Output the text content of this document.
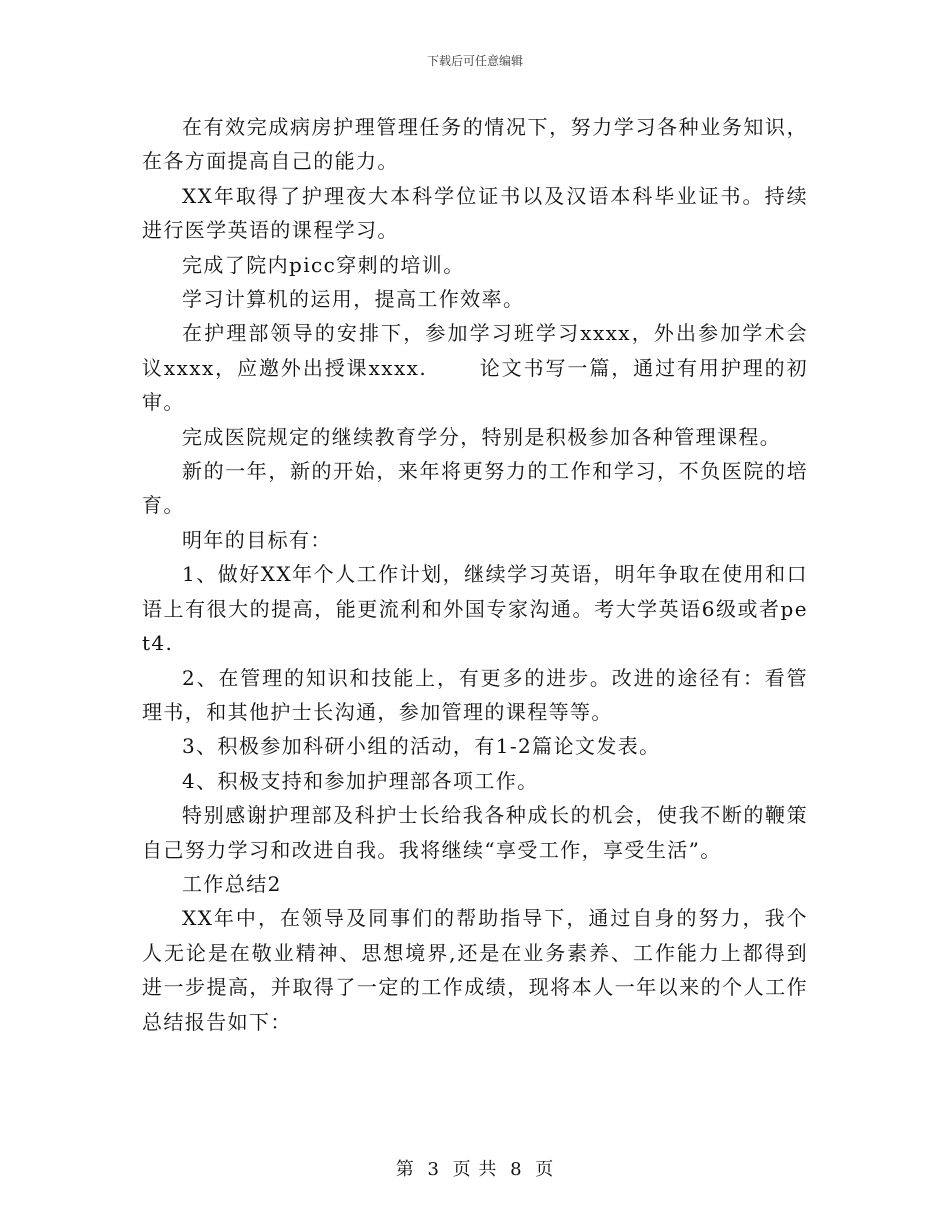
下载后可任意编辑

在有效完成病房护理管理任务的情况下，努力学习各种业务知识，在各方面提高自己的能力。

XX年取得了护理夜大本科学位证书以及汉语本科毕业证书。持续进行医学英语的课程学习。

完成了院内picc穿刺的培训。

学习计算机的运用，提高工作效率。

在护理部领导的安排下，参加学习班学习xxxx，外出参加学术会议xxxx，应邀外出授课xxxx.　　 论文书写一篇，通过有用护理的初审。

完成医院规定的继续教育学分，特别是积极参加各种管理课程。

新的一年，新的开始，来年将更努力的工作和学习，不负医院的培育。

明年的目标有：

1、做好XX年个人工作计划，继续学习英语，明年争取在使用和口语上有很大的提高，能更流利和外国专家沟通。考大学英语6级或者pet4.

2、在管理的知识和技能上，有更多的进步。改进的途径有：看管理书，和其他护士长沟通，参加管理的课程等等。

3、积极参加科研小组的活动，有1-2篇论文发表。

4、积极支持和参加护理部各项工作。

特别感谢护理部及科护士长给我各种成长的机会，使我不断的鞭策自己努力学习和改进自我。我将继续“享受工作，享受生活”。

工作总结2

XX年中，在领导及同事们的帮助指导下，通过自身的努力，我个人无论是在敬业精神、思想境界,还是在业务素养、工作能力上都得到进一步提高，并取得了一定的工作成绩，现将本人一年以来的个人工作总结报告如下：

第 3 页 共 8 页
